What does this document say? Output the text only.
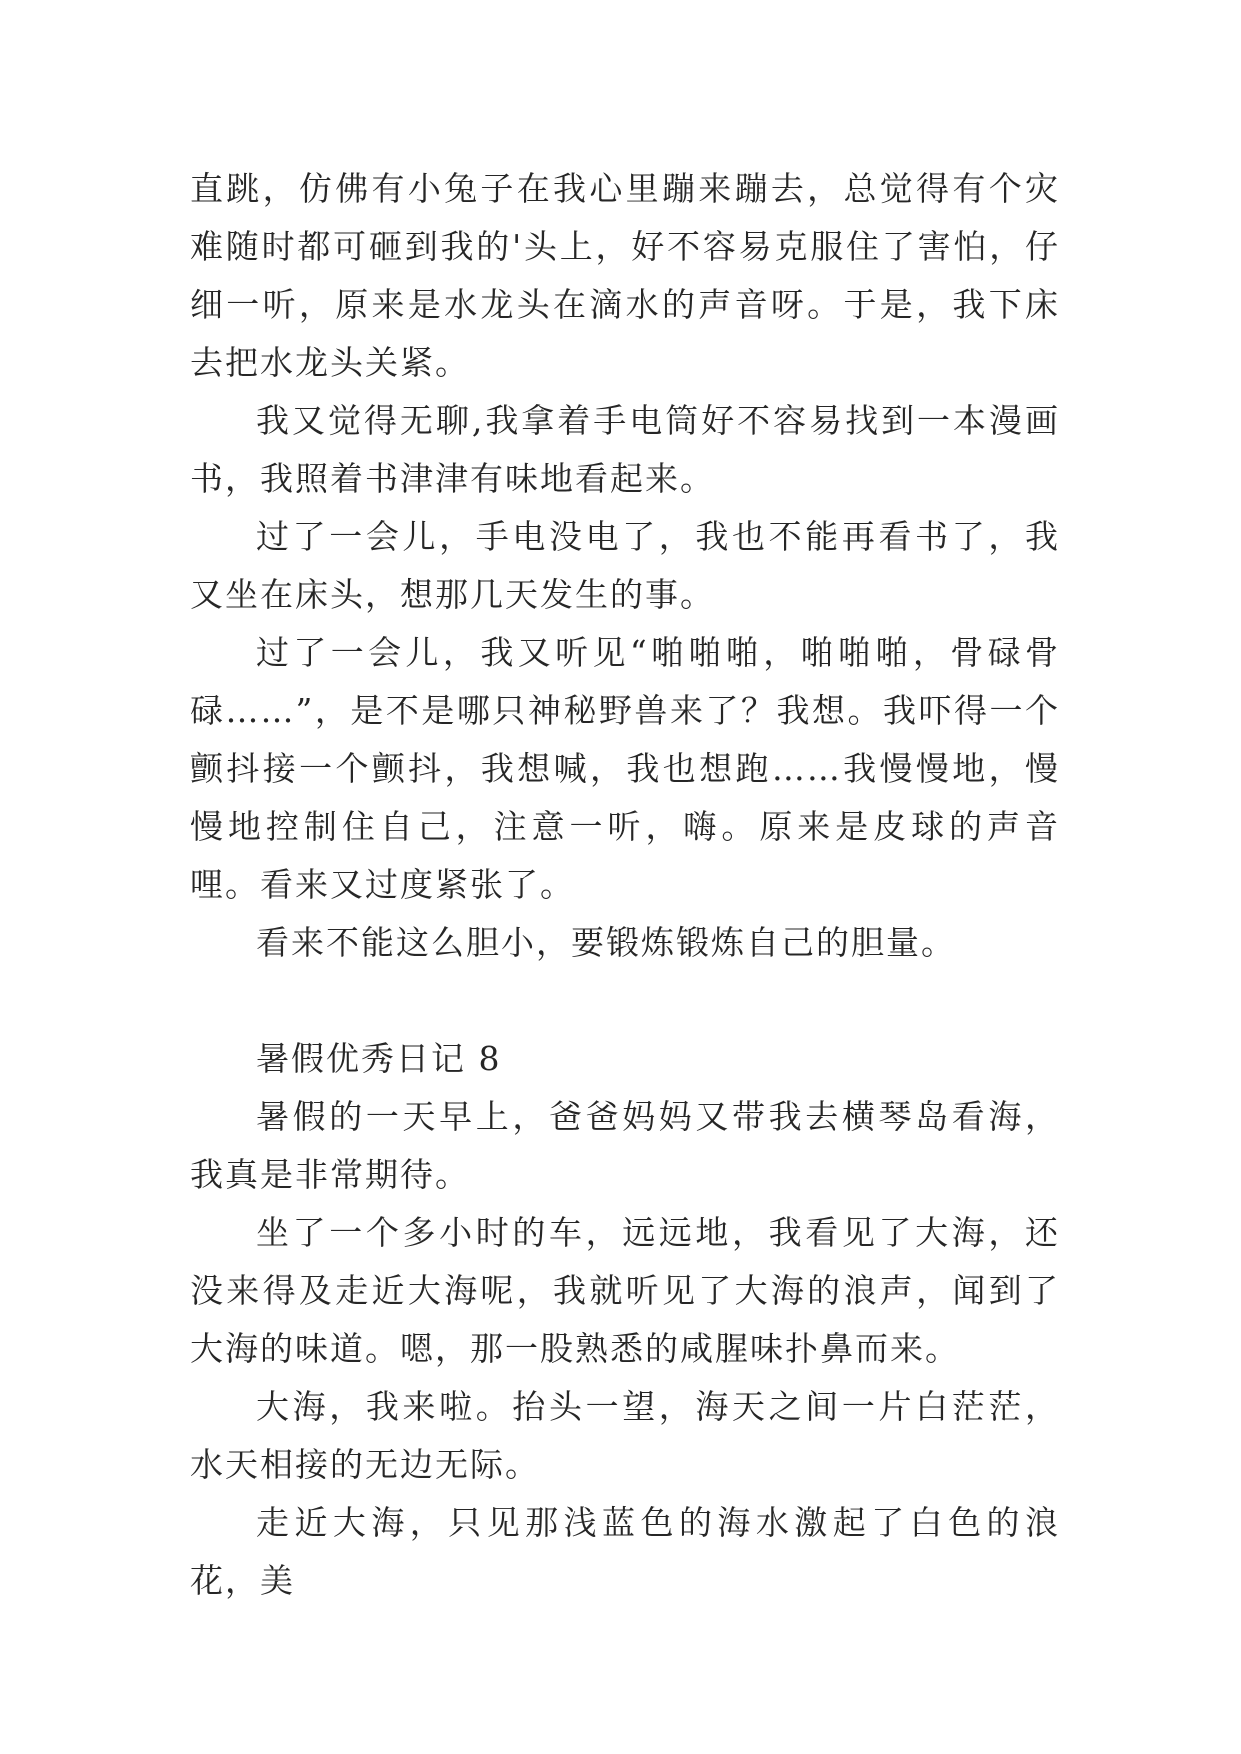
直跳，仿佛有小兔子在我心里蹦来蹦去，总觉得有个灾难随时都可砸到我的'头上，好不容易克服住了害怕，仔细一听，原来是水龙头在滴水的声音呀。于是，我下床去把水龙头关紧。

我又觉得无聊,我拿着手电筒好不容易找到一本漫画书，我照着书津津有味地看起来。

过了一会儿，手电没电了，我也不能再看书了，我又坐在床头，想那几天发生的事。

过了一会儿，我又听见“啪啪啪，啪啪啪，骨碌骨碌……”，是不是哪只神秘野兽来了？我想。我吓得一个颤抖接一个颤抖，我想喊，我也想跑……我慢慢地，慢慢地控制住自己，注意一听，嗨。原来是皮球的声音哩。看来又过度紧张了。

看来不能这么胆小，要锻炼锻炼自己的胆量。

暑假优秀日记 8

暑假的一天早上，爸爸妈妈又带我去横琴岛看海，我真是非常期待。

坐了一个多小时的车，远远地，我看见了大海，还没来得及走近大海呢，我就听见了大海的浪声，闻到了大海的味道。嗯，那一股熟悉的咸腥味扑鼻而来。

大海，我来啦。抬头一望，海天之间一片白茫茫，水天相接的无边无际。

走近大海，只见那浅蓝色的海水激起了白色的浪花，美
